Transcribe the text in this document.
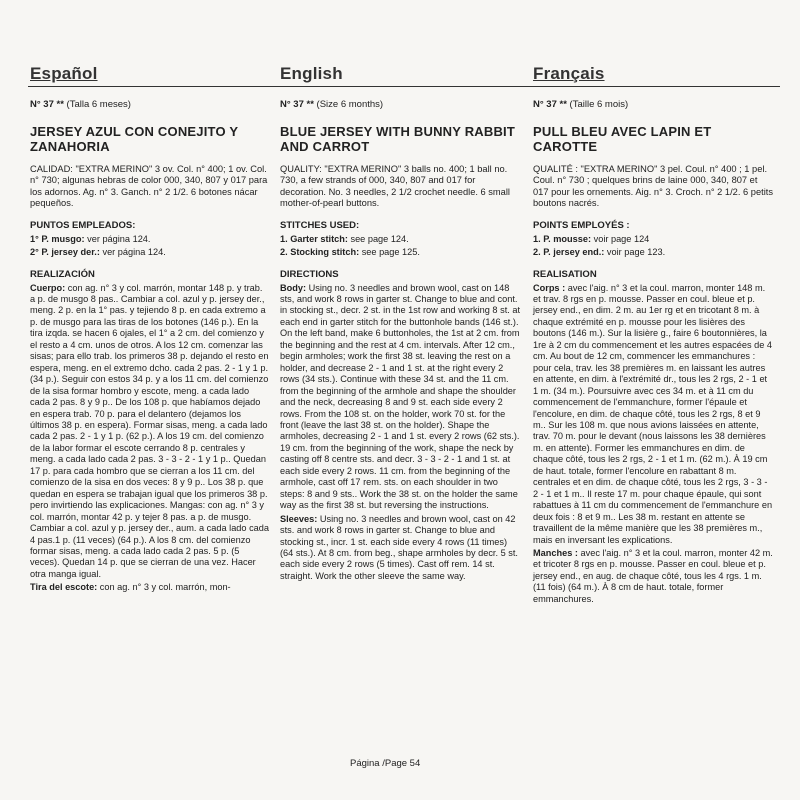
Español
N° 37 ** (Talla 6 meses)
JERSEY AZUL CON CONEJITO Y ZANAHORIA
CALIDAD: "EXTRA MERINO" 3 ov. Col. n° 400; 1 ov. Col. n° 730; algunas hebras de color 000, 340, 807 y 017 para los adornos. Ag. n° 3. Ganch. n° 2 1/2. 6 botones nácar pequeños.
PUNTOS EMPLEADOS:
1° P. musgo: ver página 124.
2° P. jersey der.: ver página 124.
REALIZACIÓN
Cuerpo: con ag. n° 3 y col. marrón, montar 148 p. y trab. a p. de musgo 8 pas.. Cambiar a col. azul y p. jersey der., meng. 2 p. en la 1° pas. y tejiendo 8 p. en cada extremo a p. de musgo para las tiras de los botones (146 p.). En la tira izqda. se hacen 6 ojales, el 1° a 2 cm. del comienzo y el resto a 4 cm. unos de otros. A los 12 cm. comenzar las sisas; para ello trab. los primeros 38 p. dejando el resto en espera, meng. en el extremo dcho. cada 2 pas. 2 - 1 y 1 p. (34 p.). Seguir con estos 34 p. y a los 11 cm. del comienzo de la sisa formar hombro y escote, meng. a cada lado cada 2 pas. 8 y 9 p.. De los 108 p. que habíamos dejado en espera trab. 70 p. para el delantero (dejamos los últimos 38 p. en espera). Formar sisas, meng. a cada lado cada 2 pas. 2 - 1 y 1 p. (62 p.). A los 19 cm. del comienzo de la labor formar el escote cerrando 8 p. centrales y meng. a cada lado cada 2 pas. 3 - 3 - 2 - 1 y 1 p.. Quedan 17 p. para cada hombro que se cierran a los 11 cm. del comienzo de la sisa en dos veces: 8 y 9 p.. Los 38 p. que quedan en espera se trabajan igual que los primeros 38 p. pero invirtiendo las explicaciones. Mangas: con ag. n° 3 y col. marrón, montar 42 p. y tejer 8 pas. a p. de musgo. Cambiar a col. azul y p. jersey der., aum. a cada lado cada 4 pas.1 p. (11 veces) (64 p.). A los 8 cm. del comienzo formar sisas, meng. a cada lado cada 2 pas. 5 p. (5 veces). Quedan 14 p. que se cierran de una vez. Hacer otra manga igual.
Tira del escote: con ag. n° 3 y col. marrón, mon-
English
N° 37 ** (Size 6 months)
BLUE JERSEY WITH BUNNY RABBIT AND CARROT
QUALITY: "EXTRA MERINO" 3 balls no. 400; 1 ball no. 730, a few strands of 000, 340, 807 and 017 for decoration. No. 3 needles, 2 1/2 crochet needle. 6 small mother-of-pearl buttons.
STITCHES USED:
1. Garter stitch: see page 124.
2. Stocking stitch: see page 125.
DIRECTIONS
Body: Using no. 3 needles and brown wool, cast on 148 sts, and work 8 rows in garter st. Change to blue and cont. in stocking st., decr. 2 st. in the 1st row and working 8 st. at each end in garter stitch for the buttonhole bands (146 st.). On the left band, make 6 buttonholes, the 1st at 2 cm. from the beginning and the rest at 4 cm. intervals. After 12 cm., begin armholes; work the first 38 st. leaving the rest on a holder, and decrease 2 - 1 and 1 st. at the right every 2 rows (34 sts.). Continue with these 34 st. and the 11 cm. from the beginning of the armhole and shape the shoulder and the neck, decreasing 8 and 9 st. each side every 2 rows. From the 108 st. on the holder, work 70 st. for the front (leave the last 38 st. on the holder). Shape the armholes, decreasing 2 - 1 and 1 st. every 2 rows (62 sts.). 19 cm. from the beginning of the work, shape the neck by casting off 8 centre sts. and decr. 3 - 3 - 2 - 1 and 1 st. at each side every 2 rows. 11 cm. from the beginning of the armhole, cast off 17 rem. sts. on each shoulder in two steps: 8 and 9 sts.. Work the 38 st. on the holder the same way as the first 38 st. but reversing the instructions.
Sleeves: Using no. 3 needles and brown wool, cast on 42 sts. and work 8 rows in garter st. Change to blue and stocking st., incr. 1 st. each side every 4 rows (11 times) (64 sts.). At 8 cm. from beg., shape armholes by decr. 5 st. each side every 2 rows (5 times). Cast off rem. 14 st. straight. Work the other sleeve the same way.
Français
N° 37 ** (Taille 6 mois)
PULL BLEU AVEC LAPIN ET CAROTTE
QUALITÉ : "EXTRA MERINO" 3 pel. Coul. n° 400 ; 1 pel. Coul. n° 730 ; quelques brins de laine 000, 340, 807 et 017 pour les ornements. Aig. n° 3. Croch. n° 2 1/2. 6 petits boutons nacrés.
POINTS EMPLOYÉS :
1. P. mousse: voir page 124
2. P. jersey end.: voir page 123.
REALISATION
Corps : avec l'aig. n° 3 et la coul. marron, monter 148 m. et trav. 8 rgs en p. mousse. Passer en coul. bleue et p. jersey end., en dim. 2 m. au 1er rg et en tricotant 8 m. à chaque extrémité en p. mousse pour les lisières des boutons (146 m.). Sur la lisière g., faire 6 boutonnières, la 1re à 2 cm du commencement et les autres espacées de 4 cm. Au bout de 12 cm, commencer les emmanchures : pour cela, trav. les 38 premières m. en laissant les autres en attente, en dim. à l'extrémité dr., tous les 2 rgs, 2 - 1 et 1 m. (34 m.). Poursuivre avec ces 34 m. et à 11 cm du commencement de l'emmanchure, former l'épaule et l'encolure, en dim. de chaque côté, tous les 2 rgs, 8 et 9 m.. Sur les 108 m. que nous avions laissées en attente, trav. 70 m. pour le devant (nous laissons les 38 dernières m. en attente). Former les emmanchures en dim. de chaque côté, tous les 2 rgs, 2 - 1 et 1 m. (62 m.). À 19 cm de haut. totale, former l'encolure en rabattant 8 m. centrales et en dim. de chaque côté, tous les 2 rgs, 3 - 3 - 2 - 1 et 1 m.. Il reste 17 m. pour chaque épaule, qui sont rabattues à 11 cm du commencement de l'emmanchure en deux fois : 8 et 9 m.. Les 38 m. restant en attente se travaillent de la même manière que les 38 premières m., mais en inversant les explications.
Manches : avec l'aig. n° 3 et la coul. marron, monter 42 m. et tricoter 8 rgs en p. mousse. Passer en coul. bleue et p. jersey end., en aug. de chaque côté, tous les 4 rgs. 1 m. (11 fois) (64 m.). À 8 cm de haut. totale, former emmanchures.
Página /Page 54
